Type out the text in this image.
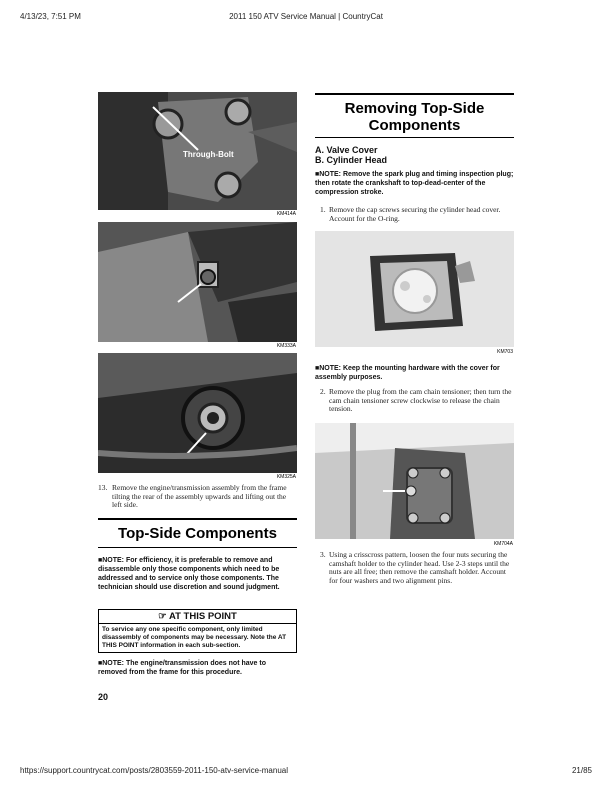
4/13/23, 7:51 PM	2011 150 ATV Service Manual | CountryCat
https://support.countrycat.com/posts/2803559-2011-150-atv-service-manual	21/85
Through-Bolt
KM414A
KM333A
KM325A
13. Remove the engine/transmission assembly from the frame tilting the rear of the assembly upwards and lifting out the left side.
Top-Side Components
■NOTE: For efficiency, it is preferable to remove and disassemble only those components which need to be addressed and to service only those components. The technician should use discretion and sound judgment.
☞ AT THIS POINT
To service any one specific component, only limited disassembly of components may be necessary. Note the AT THIS POINT information in each sub-section.
■NOTE: The engine/transmission does not have to removed from the frame for this procedure.
20
Removing Top-Side
Components
A. Valve Cover
B. Cylinder Head
■NOTE: Remove the spark plug and timing inspection plug; then rotate the crankshaft to top-dead-center of the compression stroke.
1. Remove the cap screws securing the cylinder head cover. Account for the O-ring.
KM703
■NOTE: Keep the mounting hardware with the cover for assembly purposes.
2. Remove the plug from the cam chain tensioner; then turn the cam chain tensioner screw clockwise to release the chain tension.
KM704A
3. Using a crisscross pattern, loosen the four nuts securing the camshaft holder to the cylinder head. Use 2-3 steps until the nuts are all free; then remove the camshaft holder. Account for four washers and two alignment pins.
